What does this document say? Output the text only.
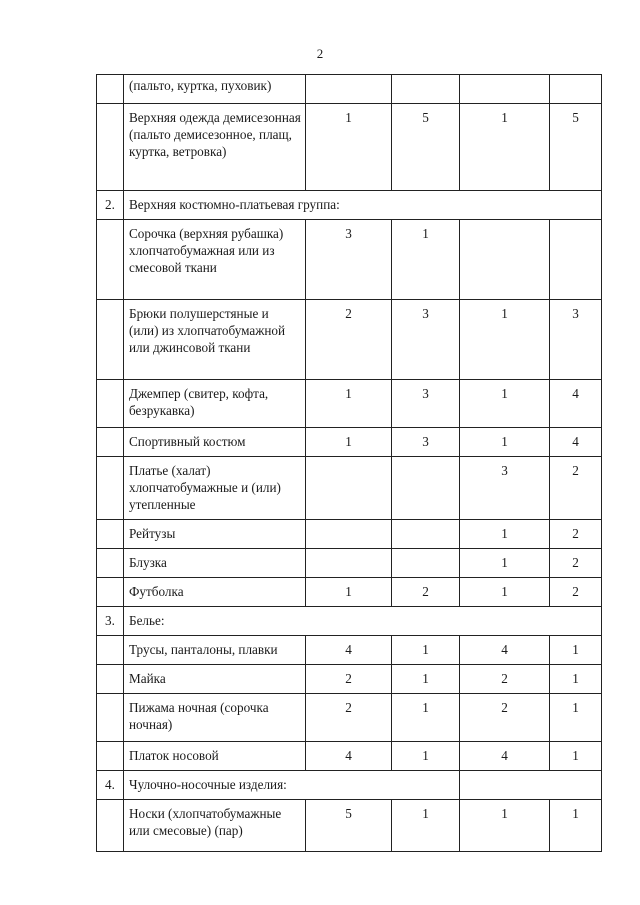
2
	(пальто, куртка, пуховик)				
	Верхняя одежда демисезонная (пальто демисезонное, плащ, куртка, ветровка)	1	5	1	5
2.	Верхняя костюмно-платьевая группа:				
	Сорочка (верхняя рубашка) хлопчатобумажная или из смесовой ткани	3	1		
	Брюки полушерстяные и (или) из хлопчатобумажной или джинсовой ткани	2	3	1	3
	Джемпер (свитер, кофта, безрукавка)	1	3	1	4
	Спортивный костюм	1	3	1	4
	Платье (халат) хлопчатобумажные и (или) утепленные			3	2
	Рейтузы			1	2
	Блузка			1	2
	Футболка	1	2	1	2
3.	Белье:				
	Трусы, панталоны, плавки	4	1	4	1
	Майка	2	1	2	1
	Пижама ночная (сорочка ночная)	2	1	2	1
	Платок носовой	4	1	4	1
4.	Чулочно-носочные изделия:				
	Носки (хлопчатобумажные или смесовые) (пар)	5	1	1	1
